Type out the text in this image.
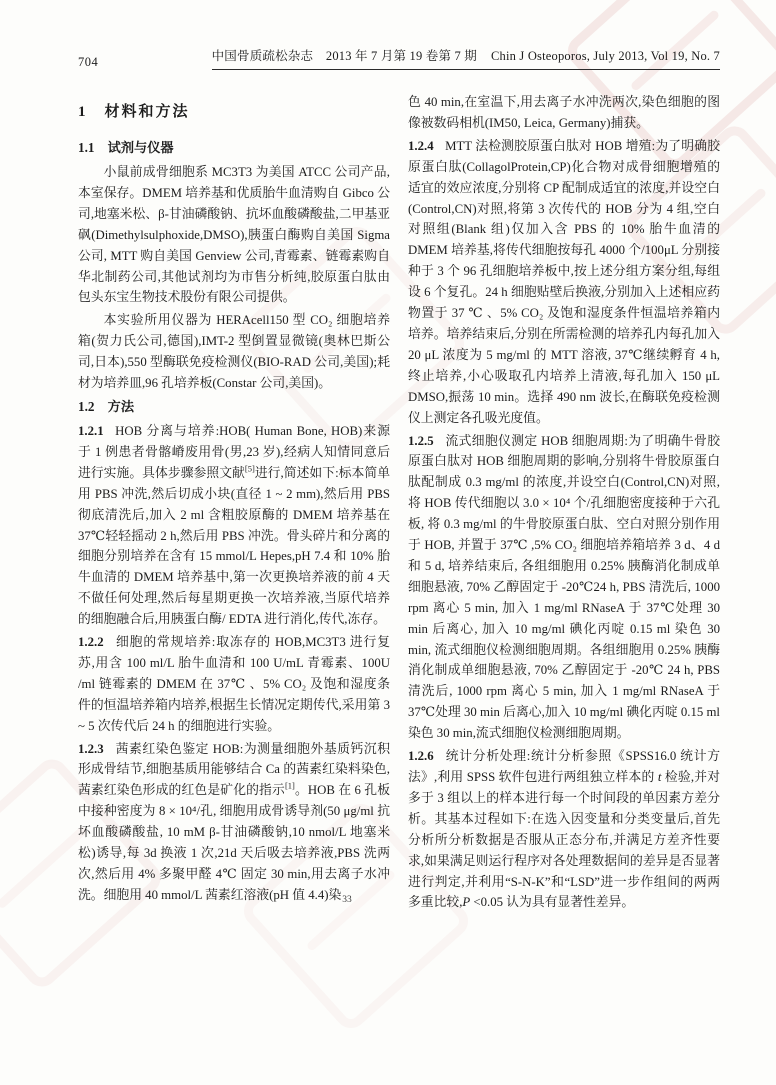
704	中国骨质疏松杂志　2013 年 7 月第 19 卷第 7 期 Chin J Osteoporos, July 2013, Vol 19, No. 7
1　材料和方法
1.1　试剂与仪器

小鼠前成骨细胞系 MC3T3 为美国 ATCC 公司产品,本室保存。DMEM 培养基和优质胎牛血清购自 Gibco 公司,地塞米松、β-甘油磷酸钠、抗坏血酸磷酸盐,二甲基亚砜(Dimethylsulphoxide,DMSO),胰蛋白酶购自美国 Sigma 公司, MTT 购自美国 Genview 公司,青霉素、链霉素购自华北制药公司,其他试剂均为市售分析纯,胶原蛋白肽由包头东宝生物技术股份有限公司提供。

本实验所用仪器为 HERAcell150 型 CO₂ 细胞培养箱(贺力氏公司,德国),IMT-2 型倒置显微镜(奥林巴斯公司,日本),550 型酶联免疫检测仪(BIO-RAD 公司,美国);耗材为培养皿,96 孔培养板(Constar 公司,美国)。

1.2　方法

1.2.1 HOB 分离与培养:HOB( Human Bone, HOB)来源于 1 例患者骨髂嵴废用骨(男,23 岁),经病人知情同意后进行实施。具体步骤参照文献[5]进行,简述如下:标本简单用 PBS 冲洗,然后切成小块(直径 1 ~ 2 mm),然后用 PBS 彻底清洗后,加入 2 ml 含粗胶原酶的 DMEM 培养基在 37℃轻轻摇动 2 h,然后用 PBS 冲洗。骨头碎片和分离的细胞分别培养在含有 15 mmol/L Hepes,pH 7.4 和 10% 胎牛血清的 DMEM 培养基中,第一次更换培养液的前 4 天不做任何处理,然后每星期更换一次培养液,当原代培养的细胞融合后,用胰蛋白酶/ EDTA 进行消化,传代,冻存。

1.2.2 细胞的常规培养:取冻存的 HOB,MC3T3 进行复苏,用含 100 ml/L 胎牛血清和 100 U/mL 青霉素、100U /ml 链霉素的 DMEM 在 37℃ 、5% CO₂ 及饱和湿度条件的恒温培养箱内培养,根据生长情况定期传代,采用第 3 ~ 5 次传代后 24 h 的细胞进行实验。

1.2.3 茜素红染色鉴定 HOB:为测量细胞外基质钙沉积形成骨结节,细胞基质用能够结合 Ca 的茜素红染料染色,茜素红染色形成的红色是矿化的指示[1]。HOB 在 6 孔板中接种密度为 8 × 10⁴/孔, 细胞用成骨诱导剂(50 μg/ml 抗坏血酸磷酸盐, 10 mM β-甘油磷酸钠,10 nmol/L 地塞米松)诱导,每 3d 换液 1 次,21d 天后吸去培养液,PBS 洗两次,然后用 4% 多聚甲醛 4℃ 固定 30 min,用去离子水冲洗。细胞用 40 mmol/L 茜素红溶液(pH 值 4.4)染$_{33}$

色 40 min,在室温下,用去离子水冲洗两次,染色细胞的图像被数码相机(IM50, Leica, Germany)捕获。

1.2.4 MTT 法检测胶原蛋白肽对 HOB 增殖:为了明确胶原蛋白肽(CollagolProtein,CP)化合物对成骨细胞增殖的适宜的效应浓度,分别将 CP 配制成适宜的浓度,并设空白(Control,CN)对照,将第 3 次传代的 HOB 分为 4 组,空白对照组(Blank 组)仅加入含 PBS 的 10% 胎牛血清的 DMEM 培养基,将传代细胞按每孔 4000 个/100μL 分别接种于 3 个 96 孔细胞培养板中,按上述分组方案分组,每组设 6 个复孔。24 h 细胞贴壁后换液,分别加入上述相应药物置于 37 ℃ 、5% CO₂ 及饱和湿度条件恒温培养箱内培养。培养结束后,分别在所需检测的培养孔内每孔加入 20 μL 浓度为 5 mg/ml 的 MTT 溶液, 37℃继续孵育 4 h, 终止培养,小心吸取孔内培养上清液,每孔加入 150 μL DMSO,振荡 10 min。选择 490 nm 波长,在酶联免疫检测仪上测定各孔吸光度值。

1.2.5 流式细胞仪测定 HOB 细胞周期:为了明确牛骨胶原蛋白肽对 HOB 细胞周期的影响,分别将牛骨胶原蛋白肽配制成 0.3 mg/ml 的浓度,并设空白(Control,CN)对照,将 HOB 传代细胞以 3.0 × 10⁴ 个/孔细胞密度接种于六孔板, 将 0.3 mg/ml 的牛骨胶原蛋白肽、空白对照分别作用于 HOB, 并置于 37℃ ,5% CO₂ 细胞培养箱培养 3 d、4 d 和 5 d, 培养结束后, 各组细胞用 0.25% 胰酶消化制成单细胞悬液, 70% 乙醇固定于 -20℃24 h, PBS 清洗后, 1000 rpm 离心 5 min, 加入 1 mg/ml RNaseA 于 37℃处理 30 min 后离心, 加入 10 mg/ml 碘化丙啶 0.15 ml 染色 30 min, 流式细胞仪检测细胞周期。各组细胞用 0.25% 胰酶消化制成单细胞悬液, 70% 乙醇固定于 -20℃ 24 h, PBS 清洗后, 1000 rpm 离心 5 min, 加入 1 mg/ml RNaseA 于 37℃处理 30 min 后离心,加入 10 mg/ml 碘化丙啶 0.15 ml 染色 30 min,流式细胞仪检测细胞周期。

1.2.6 统计分析处理:统计分析参照《SPSS16.0 统计方法》,利用 SPSS 软件包进行两组独立样本的 t 检验,并对多于 3 组以上的样本进行每一个时间段的单因素方差分析。其基本过程如下:在选入因变量和分类变量后,首先分析所分析数据是否服从正态分布,并满足方差齐性要求,如果满足则运行程序对各处理数据间的差异是否显著进行判定,并利用“S-N-K”和“LSD”进一步作组间的两两多重比较,P <0.05 认为具有显著性差异。
